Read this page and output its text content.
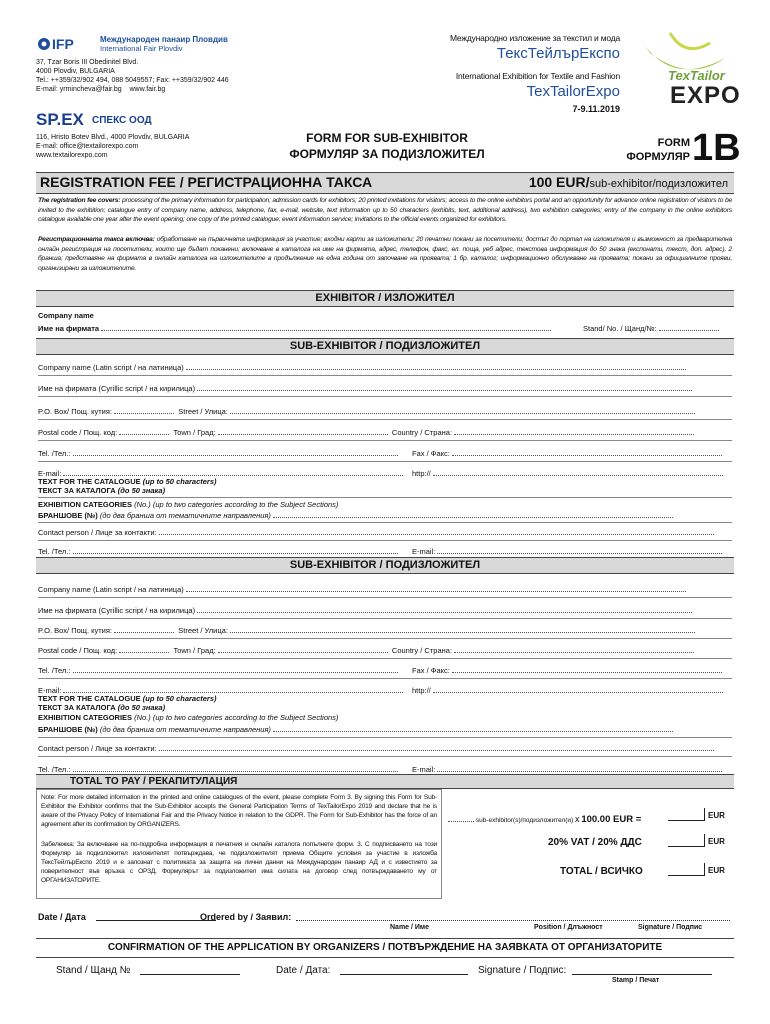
IFP	Международен панаир Пловдив
International Fair Plovdiv
37, Tzar Boris III Obedinitel Blvd.
4000 Plovdiv, BULGARIA
Tel.: ++359/32/902 494, 088 5049557; Fax: ++359/32/902 446
E-mail: yrmincheva@fair.bg www.fair.bg
Международно изложение за текстил и мода
ТексТейлърЕкспо
International Exhibition for Textile and Fashion
TexTailorExpo
7-9.11.2019
TexTailor
EXPO
SP.EX СПЕКС ООД
116, Hristo Botev Blvd., 4000 Plovdiv, BULGARIA
E-mail: office@textailorexpo.com
www.textailorexpo.com
FORM FOR SUB-EXHIBITOR
ФОРМУЛЯР ЗА ПОДИЗЛОЖИТЕЛ
FORM
ФОРМУЛЯР 1B
REGISTRATION FEE / РЕГИСТРАЦИОННА ТАКСА	100 EUR/sub-exhibitor/подизложител
The registration fee covers: processing of the primary information for participation; admission cards for exhibitors; 20 printed invitations for visitors; access to the online exhibitors portal and an opportunity for advance online registration of visitors to be invited to the exhibition; catalogue entry of company name, address, telephone, fax, e-mail, website, text information up to 50 characters (exhibits, text, additional address), two exhibition categories; entry of the company in the online exhibitors catalogue available one year after the event opening; one copy of the printed catalogue; event information service; invitations to the official events organized for exhibitors.
Регистрационната такса включва: обработване на първичната информация за участие; входни карти за изложители; 20 печатни покани за посетители; достъп до портал на изложителя и възможност за предварителна онлайн регистрация на посетители, които ще бъдат поканени; включване в каталога на име на фирмата, адрес, телефон, факс, ел. поща, уеб адрес, текстова информация до 50 знака (експонати, текст, доп. адрес), 2 бранша; представяне на фирмата в онлайн каталога на изложителите в продължение на една година от започване на проявата; 1 бр. каталог; информационно обслужване на проявата; покани за официалните прояви, организирани за изложителите.
EXHIBITOR / ИЗЛОЖИТЕЛ
Company name
Име на фирмата	Stand/ No. / Щанд/№:
SUB-EXHIBITOR / ПОДИЗЛОЖИТЕЛ
Company name (Latin script / на латиница)
Име на фирмата (Cyrillic script / на кирилица)
P.O. Box/ Пощ. кутия:	Street / Улица:
Postal code / Пощ. код:	Town / Град:	Country / Страна:
Tel. /Тел.:	Fax / Факс:
E-mail:	http://
TEXT FOR THE CATALOGUE (up to 50 characters)
ТЕКСТ ЗА КАТАЛОГА (до 50 знака)
EXHIBITION CATEGORIES (No.) (up to two categories according to the Subject Sections)
БРАНШОВЕ (№) (до два бранша от тематичните направления)
Contact person / Лице за контакти:
Tel. /Тел.:	E-mail:
SUB-EXHIBITOR / ПОДИЗЛОЖИТЕЛ
Company name (Latin script / на латиница)
Име на фирмата (Cyrillic script / на кирилица)
P.O. Box/ Пощ. кутия:	Street / Улица:
Postal code / Пощ. код:	Town / Град:	Country / Страна:
Tel. /Тел.:	Fax / Факс:
E-mail:	http://
TEXT FOR THE CATALOGUE (up to 50 characters)
ТЕКСТ ЗА КАТАЛОГА (до 50 знака)
EXHIBITION CATEGORIES (No.) (up to two categories according to the Subject Sections)
БРАНШОВЕ (№) (до два бранша от тематичните направления)
Contact person / Лице за контакти:
Tel. /Тел.:	E-mail:
TOTAL TO PAY / РЕКАПИТУЛАЦИЯ
Note: For more detailed information in the printed and online catalogues of the event, please complete Form 3. By signing this Form for Sub-Exhibitor the Exhibitor confirms that the Sub-Exhibitor accepts the General Participation Terms of TexTailorExpo 2019 and declare that he is aware of the Privacy Policy of International Fair and the Privacy Notice in relation to the GDPR. The Form for Sub-Exhibitor has the force of an agreement after its confirmation by ORGANIZERS.
Забележка: За включване на по-подробна информация в печатния и онлайн каталога попълнете форм. 3. С подписването на този Формуляр за подизложител изложителят потвърждава, че подизложителят приема Общите условия за участие в изложба ТексТейлърЕкспо 2019 и е запознат с политиката за защита на лични данни на Международен панаир АД и с известието за поверителност във връзка с ОРЗД. Формулярът за подизложител има силата на договор след потвърждаването му от ОРГАНИЗАТОРИТЕ.
sub-exhibitor(s)/подизложител(и) x 100.00 EUR =	EUR
20% VAT / 20% ДДС	EUR
ТОТАL / ВСИЧКО	EUR
Date / Дата	Ordered by / Заявил:
Name / Име	Position / Длъжност	Signature / Подпис
CONFIRMATION OF THE APPLICATION BY ORGANIZERS / ПОТВЪРЖДЕНИЕ НА ЗАЯВКАТА ОТ ОРГАНИЗАТОРИТЕ
Stand / Щанд №	Date / Дата:	Signature / Подпис:
Stamp / Печат
